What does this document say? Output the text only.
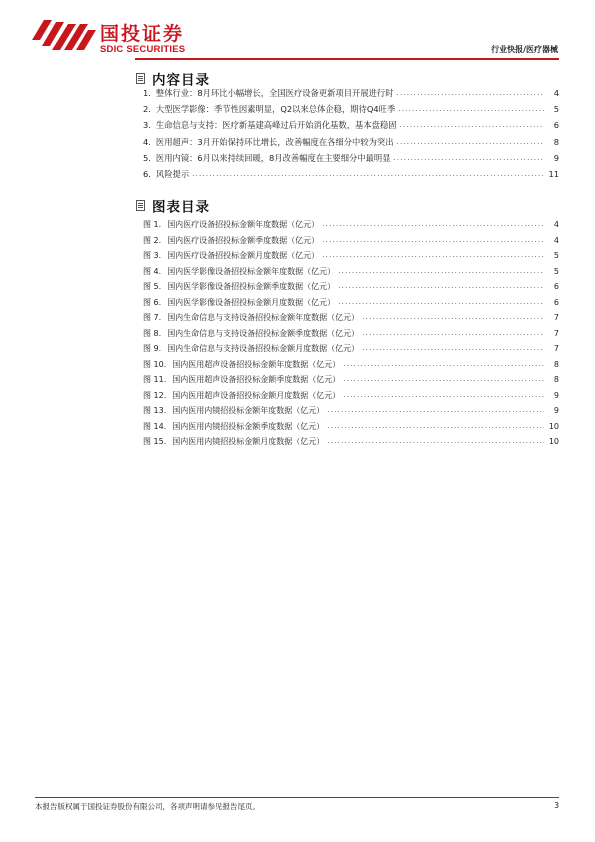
国投证券
SDIC SECURITIES	行业快报/医疗器械
内容目录
1. 整体行业：8月环比小幅增长，全国医疗设备更新项目开展进行时 .....	4
2. 大型医学影像：季节性因素明显，Q2以来总体企稳，期待Q4旺季 .....	5
3. 生命信息与支持：医疗新基建高峰过后开始消化基数，基本盘稳固 .....	6
4. 医用超声：3月开始保持环比增长，改善幅度在各细分中较为突出 .....	8
5. 医用内镜：6月以来持续回暖，8月改善幅度在主要细分中最明显 .....	9
6. 风险提示 .....	11
图表目录
图 1. 国内医疗设备招投标金额年度数据（亿元） .....	4
图 2. 国内医疗设备招投标金额季度数据（亿元） .....	4
图 3. 国内医疗设备招投标金额月度数据（亿元） .....	5
图 4. 国内医学影像设备招投标金额年度数据（亿元） .....	5
图 5. 国内医学影像设备招投标金额季度数据（亿元） .....	6
图 6. 国内医学影像设备招投标金额月度数据（亿元） .....	6
图 7. 国内生命信息与支持设备招投标金额年度数据（亿元） .....	7
图 8. 国内生命信息与支持设备招投标金额季度数据（亿元） .....	7
图 9. 国内生命信息与支持设备招投标金额月度数据（亿元） .....	7
图 10. 国内医用超声设备招投标金额年度数据（亿元） .....	8
图 11. 国内医用超声设备招投标金额季度数据（亿元） .....	8
图 12. 国内医用超声设备招投标金额月度数据（亿元） .....	9
图 13. 国内医用内镜招投标金额年度数据（亿元） .....	9
图 14. 国内医用内镜招投标金额季度数据（亿元） .....	10
图 15. 国内医用内镜招投标金额月度数据（亿元） .....	10
本报告版权属于国投证券股份有限公司，各项声明请参见报告尾页。	3
